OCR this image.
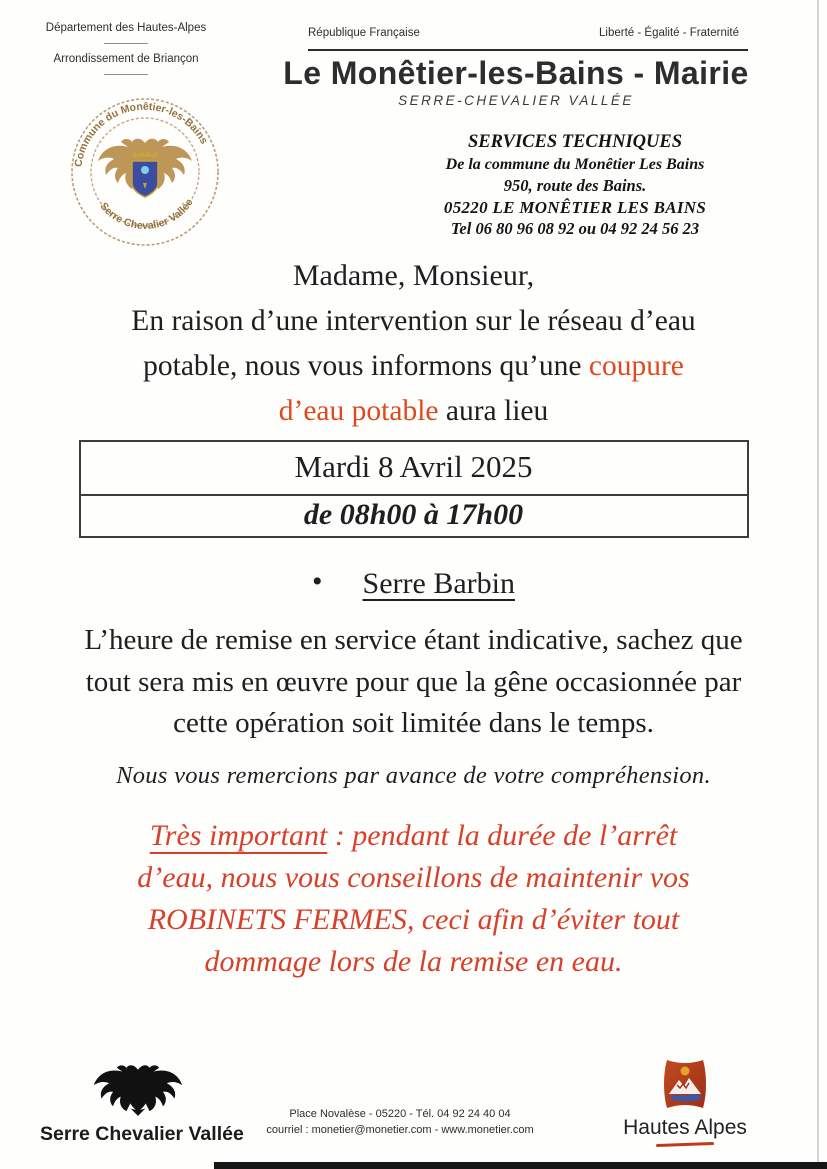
Département des Hautes-Alpes
Arrondissement de Briançon
République Française	Liberté - Égalité - Fraternité
Le Monêtier-les-Bains - Mairie
SERRE-CHEVALIER VALLÉE
Commune du Monêtier-les-Bains
Serre Chevalier Vallée
SERVICES TECHNIQUES
De la commune du Monêtier Les Bains
950, route des Bains.
05220 LE MONÊTIER LES BAINS
Tel 06 80 96 08 92 ou 04 92 24 56 23
Madame, Monsieur,
En raison d’une intervention sur le réseau d’eau
potable, nous vous informons qu’une coupure
d’eau potable aura lieu
Mardi 8 Avril 2025
de 08h00 à 17h00
• Serre Barbin
L’heure de remise en service étant indicative, sachez que
tout sera mis en œuvre pour que la gêne occasionnée par
cette opération soit limitée dans le temps.
Nous vous remercions par avance de votre compréhension.
Très important : pendant la durée de l’arrêt
d’eau, nous vous conseillons de maintenir vos
ROBINETS FERMES, ceci afin d’éviter tout
dommage lors de la remise en eau.
Serre Chevalier Vallée
Place Novalèse - 05220 - Tél. 04 92 24 40 04
courriel : monetier@monetier.com - www.monetier.com	Hautes Alpes
